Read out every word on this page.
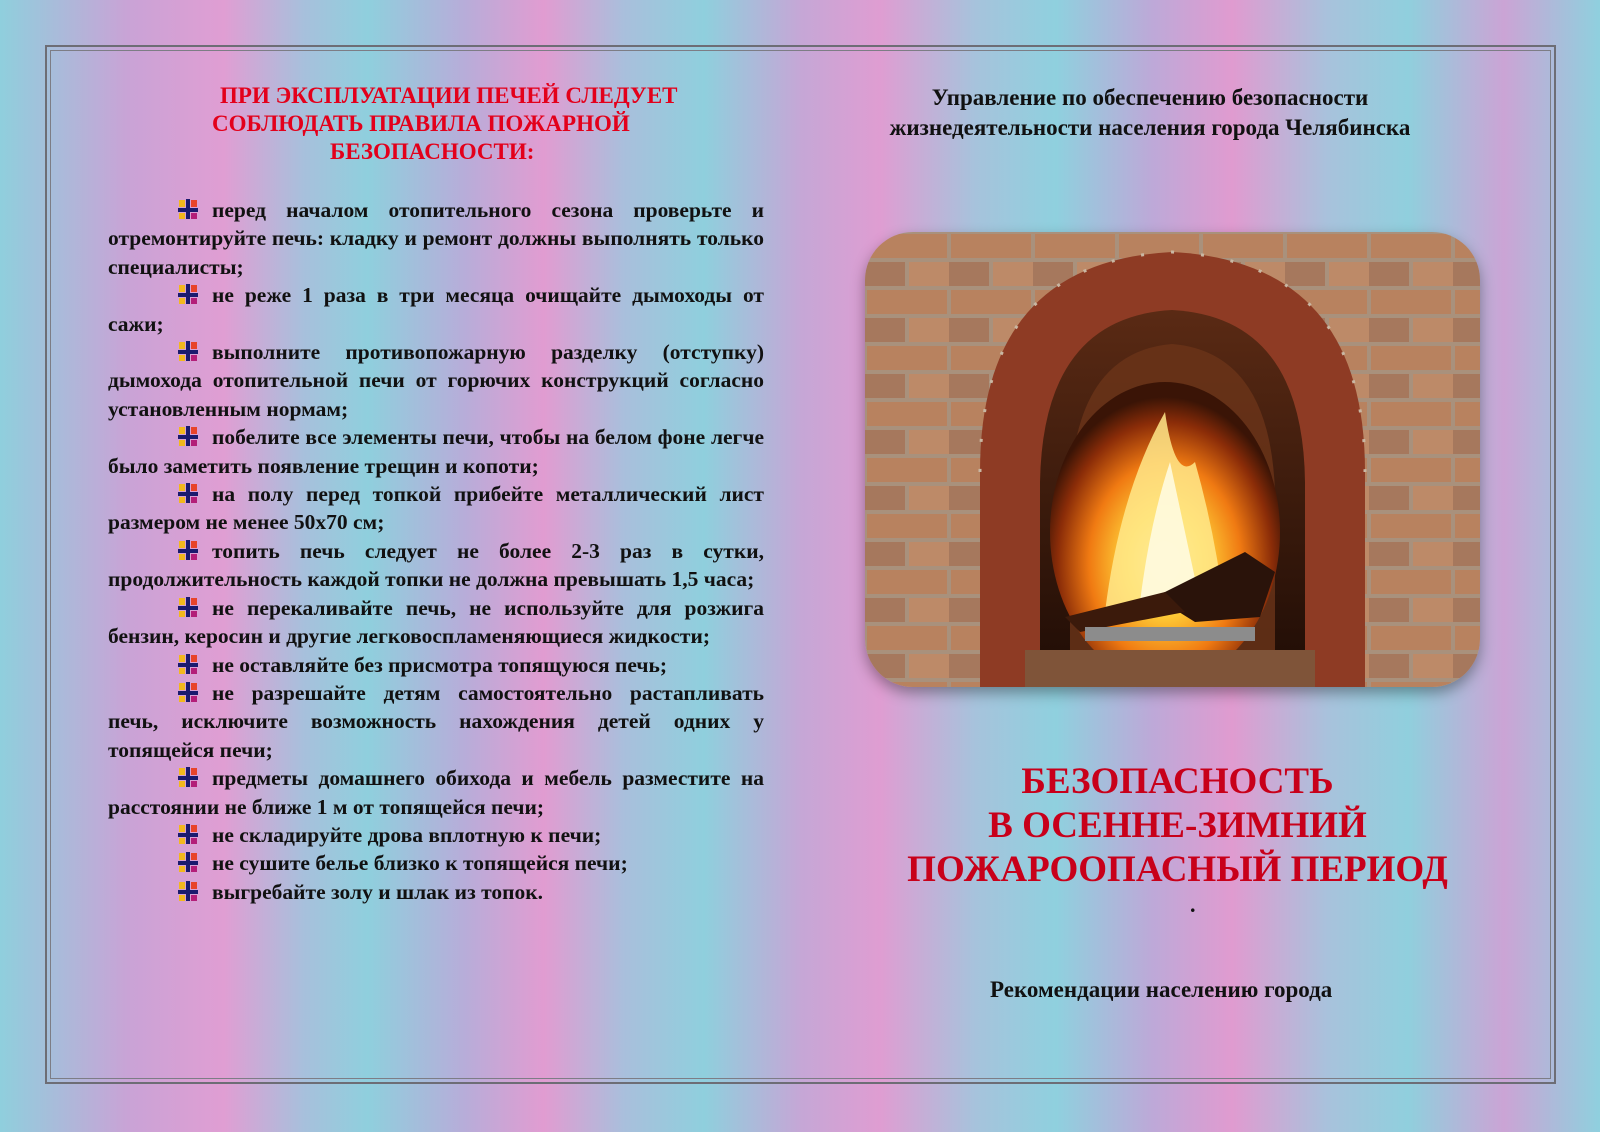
ПРИ ЭКСПЛУАТАЦИИ ПЕЧЕЙ СЛЕДУЕТ
СОБЛЮДАТЬ ПРАВИЛА ПОЖАРНОЙ
БЕЗОПАСНОСТИ:

перед началом отопительного сезона проверьте и отремонтируйте печь: кладку и ремонт должны выполнять только специалисты;

не реже 1 раза в три месяца очищайте дымоходы от сажи;

выполните противопожарную разделку (отступку) дымохода отопительной печи от горючих конструкций согласно установленным нормам;

побелите все элементы печи, чтобы на белом фоне легче было заметить появление трещин и копоти;

на полу перед топкой прибейте металлический лист размером не менее 50х70 см;

топить печь следует не более 2-3 раз в сутки, продолжительность каждой топки не должна превышать 1,5 часа;

не перекаливайте печь, не используйте для розжига бензин, керосин и другие легковоспламеняющиеся жидкости;

не оставляйте без присмотра топящуюся печь;

не разрешайте детям самостоятельно растапливать печь, исключите возможность нахождения детей одних у топящейся печи;

предметы домашнего обихода и мебель разместите на расстоянии не ближе 1 м от топящейся печи;

не складируйте дрова вплотную к печи;

не сушите белье близко к топящейся печи;

выгребайте золу и шлак из топок.

Управление по обеспечению безопасности
жизнедеятельности населения города Челябинска
БЕЗОПАСНОСТЬ
В ОСЕННЕ-ЗИМНИЙ
ПОЖАРООПАСНЫЙ ПЕРИОД
.
Рекомендации населению города
